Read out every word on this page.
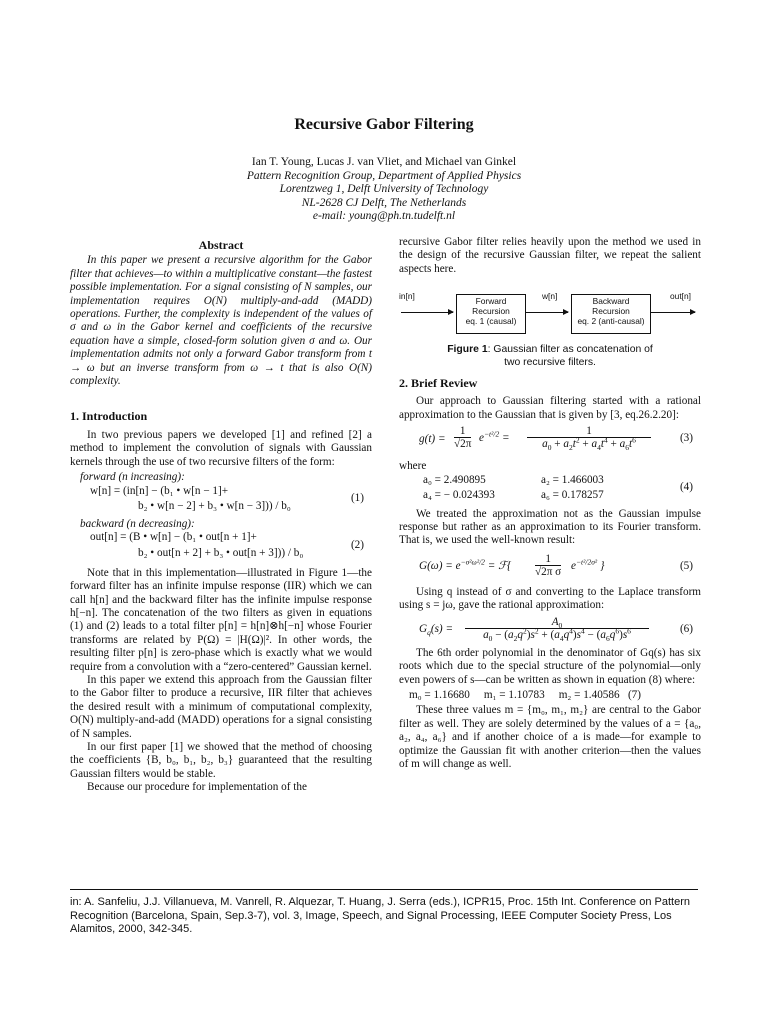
Recursive Gabor Filtering
Ian T. Young, Lucas J. van Vliet, and Michael van Ginkel
Pattern Recognition Group, Department of Applied Physics
Lorentzweg 1, Delft University of Technology
NL-2628 CJ Delft, The Netherlands
e-mail: young@ph.tn.tudelft.nl
Abstract

In this paper we present a recursive algorithm for the Gabor filter that achieves—to within a multiplicative constant—the fastest possible implementation. For a signal consisting of N samples, our implementation requires O(N) multiply-and-add (MADD) operations. Further, the complexity is independent of the values of σ and ω in the Gabor kernel and coefficients of the recursive equation have a simple, closed-form solution given σ and ω. Our implementation admits not only a forward Gabor transform from t → ω but an inverse transform from ω → t that is also O(N) complexity.

1. Introduction

In two previous papers we developed [1] and refined [2] a method to implement the convolution of signals with Gaussian kernels through the use of two recursive filters of the form:

forward (n increasing):
w[n] = (in[n] − (b₁ • w[n − 1]+
b₂ • w[n − 2] + b₃ • w[n − 3])) / b₀
(1)
backward (n decreasing):
out[n] = (B • w[n] − (b₁ • out[n + 1]+
b₂ • out[n + 2] + b₃ • out[n + 3])) / b₀
(2)

Note that in this implementation—illustrated in Figure 1—the forward filter has an infinite impulse response (IIR) which we can call h[n] and the backward filter has the infinite impulse response h[−n]. The concatenation of the two filters as given in equations (1) and (2) leads to a total filter p[n] = h[n]⊗h[−n] whose Fourier transforms are related by P(Ω) = |H(Ω)|². In other words, the resulting filter p[n] is zero-phase which is exactly what we would require from a convolution with a “zero-centered” Gaussian kernel.

In this paper we extend this approach from the Gaussian filter to the Gabor filter to produce a recursive, IIR filter that achieves the desired result with a minimum of computational complexity, O(N) multiply-and-add (MADD) operations for a signal consisting of N samples.

In our first paper [1] we showed that the method of choosing the coefficients {B, b₀, b₁, b₂, b₃} guaranteed that the resulting Gaussian filters would be stable.

Because our procedure for implementation of the

recursive Gabor filter relies heavily upon the method we used in the design of the recursive Gaussian filter, we repeat the salient aspects here.

in[n]	Forward
Recursion
eq. 1 (causal)
w[n]	Backward
Recursion
eq. 2 (anti-causal)
out[n]
Figure 1: Gaussian filter as concatenation of
two recursive filters.
2. Brief Review

Our approach to Gaussian filtering started with a rational approximation to the Gaussian that is given by [3, eq.26.2.20]:

$g(t) = \frac{1}{√2\pi} e^{-t^2/2} = \frac{1}{a_0 + a_2t^2 + a_4t^4 + a_6t^6}$	(3)
where
a₀ = 2.490895	a₂ = 1.466003
a₄ = − 0.024393	a₆ = 0.178257
(4)

We treated the approximation not as the Gaussian impulse response but rather as an approximation to its Fourier transform. That is, we used the well-known result:

$G(\omega) = e^{-\sigma^2\omega^2/2}$ = ℱ{ $\frac{1}{\text{√2π σ}} e^{-t^2/2\sigma^2}$ }	(5)

Using q instead of σ and converting to the Laplace transform using s = jω, gave the rational approximation:

$G_q(s) = \frac{A_0}{a_0 - (a_2q^2)s^2 + (a_4q^4)s^4 - (a_6q^6)s^6}$	(6)

The 6th order polynomial in the denominator of Gq(s) has six roots which due to the special structure of the polynomial—only even powers of s—can be written as shown in equation (8) where:

m₀ = 1.16680     m₁ = 1.10783     m₂ = 1.40586   (7)

These three values m = {m₀, m₁, m₂} are central to the Gabor filter as well. They are solely determined by the values of a = {a₀, a₂, a₄, a₆} and if another choice of a is made—for example to optimize the Gaussian fit with another criterion—then the values of m will change as well.

in: A. Sanfeliu, J.J. Villanueva, M. Vanrell, R. Alquezar, T. Huang, J. Serra (eds.), ICPR15, Proc. 15th Int. Conference on Pattern Recognition (Barcelona, Spain, Sep.3-7), vol. 3, Image, Speech, and Signal Processing, IEEE Computer Society Press, Los Alamitos, 2000, 342-345.
